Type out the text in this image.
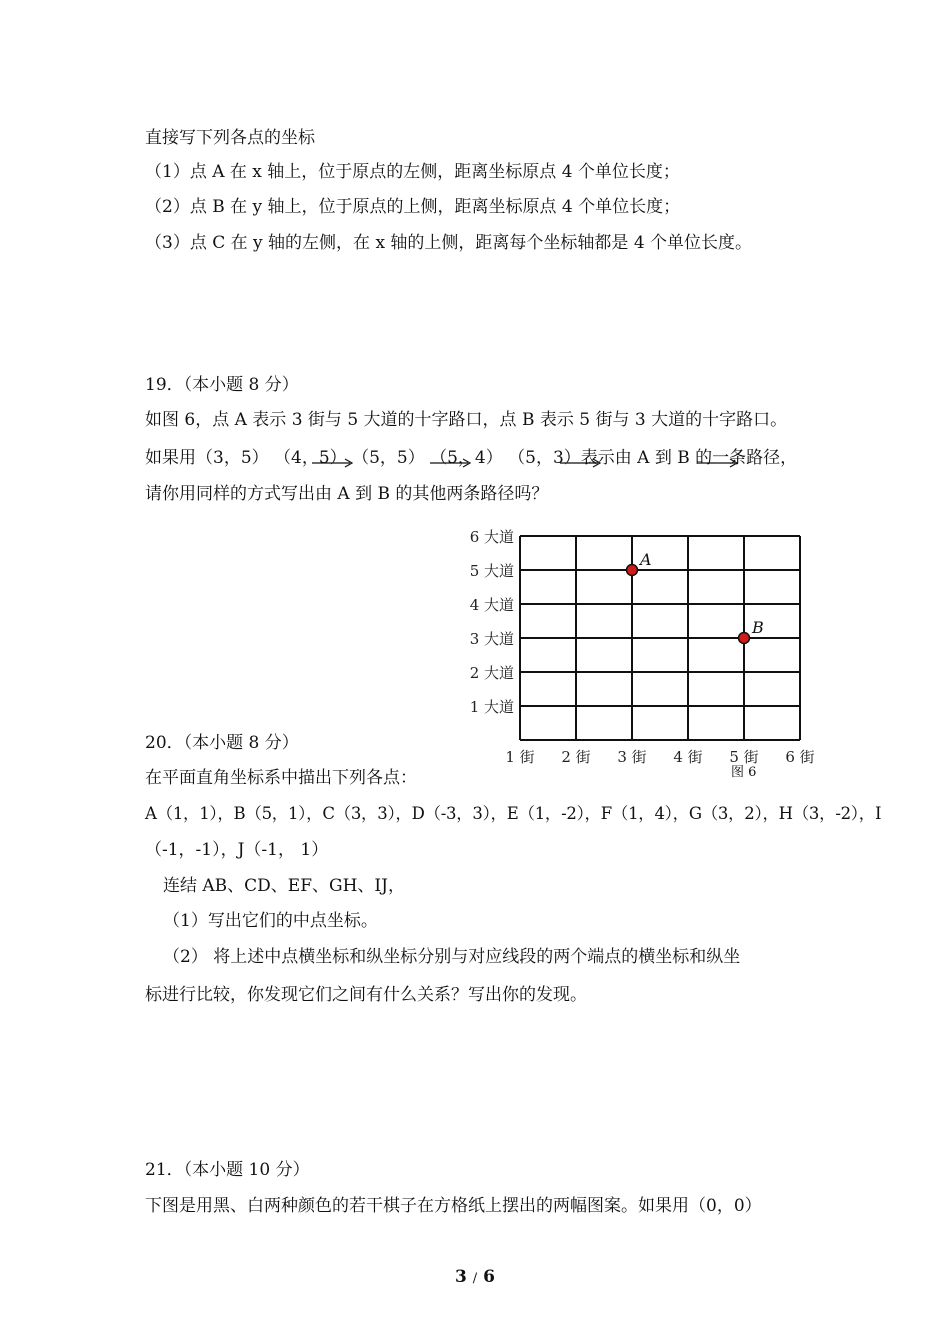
直接写下列各点的坐标
（1）点 A 在 x 轴上，位于原点的左侧，距离坐标原点 4 个单位长度；
（2）点 B 在 y 轴上，位于原点的上侧，距离坐标原点 4 个单位长度；
（3）点 C 在 y 轴的左侧，在 x 轴的上侧，距离每个坐标轴都是 4 个单位长度。
19．（本小题 8 分）
如图 6，点 A 表示 3 街与 5 大道的十字路口，点 B 表示 5 街与 3 大道的十字路口。
如果用（3，5） （4，5） （5，5） （5，4） （5，3）表示由 A 到 B 的一条路径，
请你用同样的方式写出由 A 到 B 的其他两条路径吗？
6 大道
5 大道
4 大道
3 大道
2 大道
1 大道
1 街 2 街 3 街 4 街 5 街 6 街
A
B
图 6
20．（本小题 8 分）
在平面直角坐标系中描出下列各点：
A（1，1），B（5，1），C（3，3），D（-3，3），E（1，-2），F（1，4），G（3，2），H（3，-2），I
（-1，-1），J（-1， 1）
连结 AB、CD、EF、GH、IJ，
（1）写出它们的中点坐标。
（2） 将上述中点横坐标和纵坐标分别与对应线段的两个端点的横坐标和纵坐
标进行比较，你发现它们之间有什么关系？写出你的发现。
21．（本小题 10 分）
下图是用黑、白两种颜色的若干棋子在方格纸上摆出的两幅图案。如果用（0，0）
3 / 6
